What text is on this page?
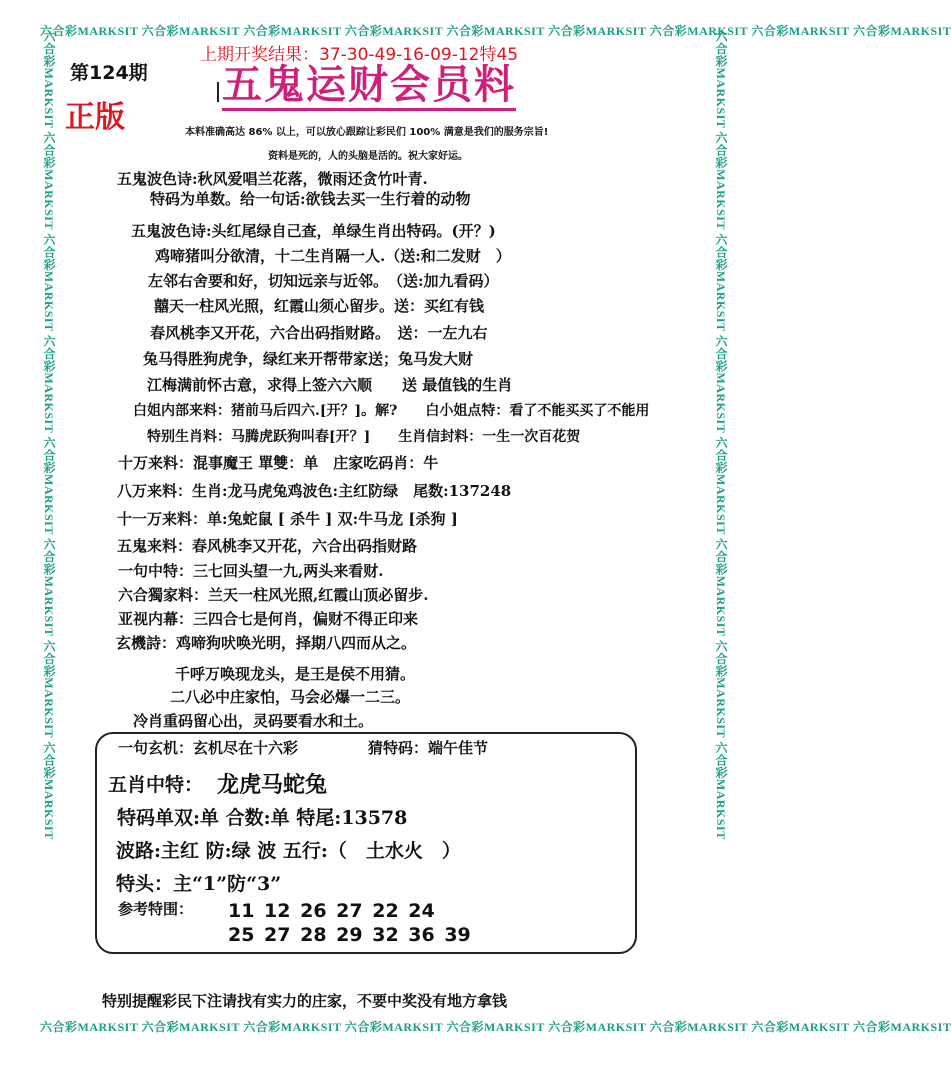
六合彩MARKSIT 六合彩MARKSIT 六合彩MARKSIT 六合彩MARKSIT 六合彩MARKSIT 六合彩MARKSIT 六合彩MARKSIT 六合彩MARKSIT 六合彩MARKSIT
六合彩MARKSIT 六合彩MARKSIT 六合彩MARKSIT 六合彩MARKSIT 六合彩MARKSIT 六合彩MARKSIT 六合彩MARKSIT 六合彩MARKSIT 六合彩MARKSIT
六合彩MARKSIT 六合彩MARKSIT 六合彩MARKSIT 六合彩MARKSIT 六合彩MARKSIT 六合彩MARKSIT 六合彩MARKSIT 六合彩MARKSIT	六合彩MARKSIT 六合彩MARKSIT 六合彩MARKSIT 六合彩MARKSIT 六合彩MARKSIT 六合彩MARKSIT 六合彩MARKSIT 六合彩MARKSIT
上期开奖结果：37-30-49-16-09-12特45
第124期
正版
五鬼运财会员料
本料准确高达 86% 以上，可以放心跟踪让彩民们 100% 满意是我们的服务宗旨!
资料是死的，人的头脑是活的。祝大家好运。
五鬼波色诗:秋风爱唱兰花落，微雨还贪竹叶青.
特码为单数。给一句话:欲钱去买一生行着的动物
五鬼波色诗:头红尾绿自己查，单绿生肖出特码。(开？)
鸡啼猪叫分欲清，十二生肖隔一人.（送:和二发财　）
左邻右舍要和好，切知远亲与近邻。　（送:加九看码）
囍天一柱风光照，红霞山须心留步。送：买红有钱
春风桃李又开花，六合出码指财路。　送：一左九右
兔马得胜狗虎争，绿红来开帮带家送；兔马发大财
江梅满前怀古意，求得上签六六顺　　送 最值钱的生肖
白姐内部来料：猪前马后四六.[开？]。解?　　白小姐点特：看了不能买买了不能用
特别生肖料：马腾虎跃狗叫春[开？]　　生肖信封料：一生一次百花贺
十万来料：混事魔王 單雙：单　庄家吃码肖：牛
八万来料：生肖:龙马虎兔鸡波色:主红防绿　尾数:137248
十一万来料：单:兔蛇鼠 [ 杀牛 ] 双:牛马龙 [杀狗 ]
五鬼来料：春风桃李又开花，六合出码指财路
一句中特：三七回头望一九,两头来看财.
六合獨家料：兰天一柱风光照,红霞山顶必留步.
亚视内幕：三四合七是何肖，偏财不得正印来
玄機詩：鸡啼狗吠唤光明，择期八四而从之。
千呼万唤现龙头，是王是侯不用猜。
二八必中庄家怕，马会必爆一二三。
冷肖重码留心出，灵码要看水和土。
一句玄机：玄机尽在十六彩	猜特码：端午佳节
五肖中特： 龙虎马蛇兔
特码单双:单 合数:单 特尾:13578
波路:主红 防:绿 波 五行:（　土水火　）
特头：主“1”防“3”
参考特围： 11 12 26 27 22 24
25 27 28 29 32 36 39
特别提醒彩民下注请找有实力的庄家，不要中奖没有地方拿钱
